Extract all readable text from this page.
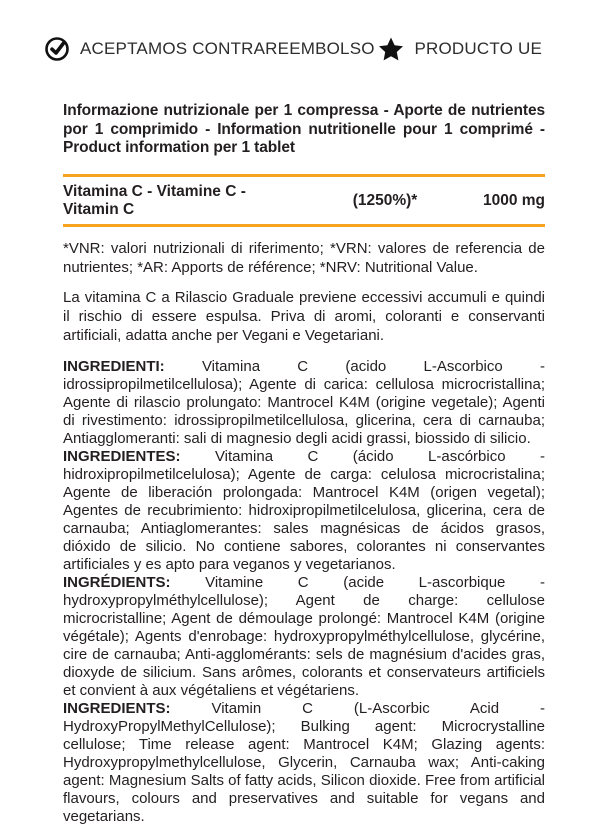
ACEPTAMOS CONTRAREEMBOLSO PRODUCTO UE

Informazione nutrizionale per 1 compressa - Aporte de nutrientes por 1 comprimido - Information nutritionelle pour 1 comprimé - Product information per 1 tablet

Vitamina C - Vitamine C - Vitamin C
(1250%)*	1000 mg

*VNR: valori nutrizionali di riferimento; *VRN: valores de referencia de nutrientes; *AR: Apports de référence; *NRV: Nutritional Value.

La vitamina C a Rilascio Graduale previene eccessivi accumuli e quindi il rischio di essere espulsa. Priva di aromi, coloranti e conservanti artificiali, adatta anche per Vegani e Vegetariani.

INGREDIENTI: Vitamina C (acido L-Ascorbico - idrossipropilmetilcellulosa); Agente di carica: cellulosa microcristallina; Agente di rilascio prolungato: Mantrocel K4M (origine vegetale); Agenti di rivestimento: idrossipropilmetilcellulosa, glicerina, cera di carnauba; Antiagglomeranti: sali di magnesio degli acidi grassi, biossido di silicio.

INGREDIENTES: Vitamina C (ácido L-ascórbico - hidroxipropilmetilcelulosa); Agente de carga: celulosa microcristalina; Agente de liberación prolongada: Mantrocel K4M (origen vegetal); Agentes de recubrimiento: hidroxipropilmetilcelulosa, glicerina, cera de carnauba; Antiaglomerantes: sales magnésicas de ácidos grasos, dióxido de silicio. No contiene sabores, colorantes ni conservantes artificiales y es apto para veganos y vegetarianos.

INGRÉDIENTS: Vitamine C (acide L-ascorbique - hydroxypropylméthylcellulose); Agent de charge: cellulose microcristalline; Agent de démoulage prolongé: Mantrocel K4M (origine végétale); Agents d'enrobage: hydroxypropylméthylcellulose, glycérine, cire de carnauba; Anti-agglomérants: sels de magnésium d'acides gras, dioxyde de silicium. Sans arômes, colorants et conservateurs artificiels et convient à aux végétaliens et végétariens.

INGREDIENTS: Vitamin C (L-Ascorbic Acid - HydroxyPropylMethylCellulose); Bulking agent: Microcrystalline cellulose; Time release agent: Mantrocel K4M; Glazing agents: Hydroxypropylmethylcellulose, Glycerin, Carnauba wax; Anti-caking agent: Magnesium Salts of fatty acids, Silicon dioxide. Free from artificial flavours, colours and preservatives and suitable for vegans and vegetarians.
